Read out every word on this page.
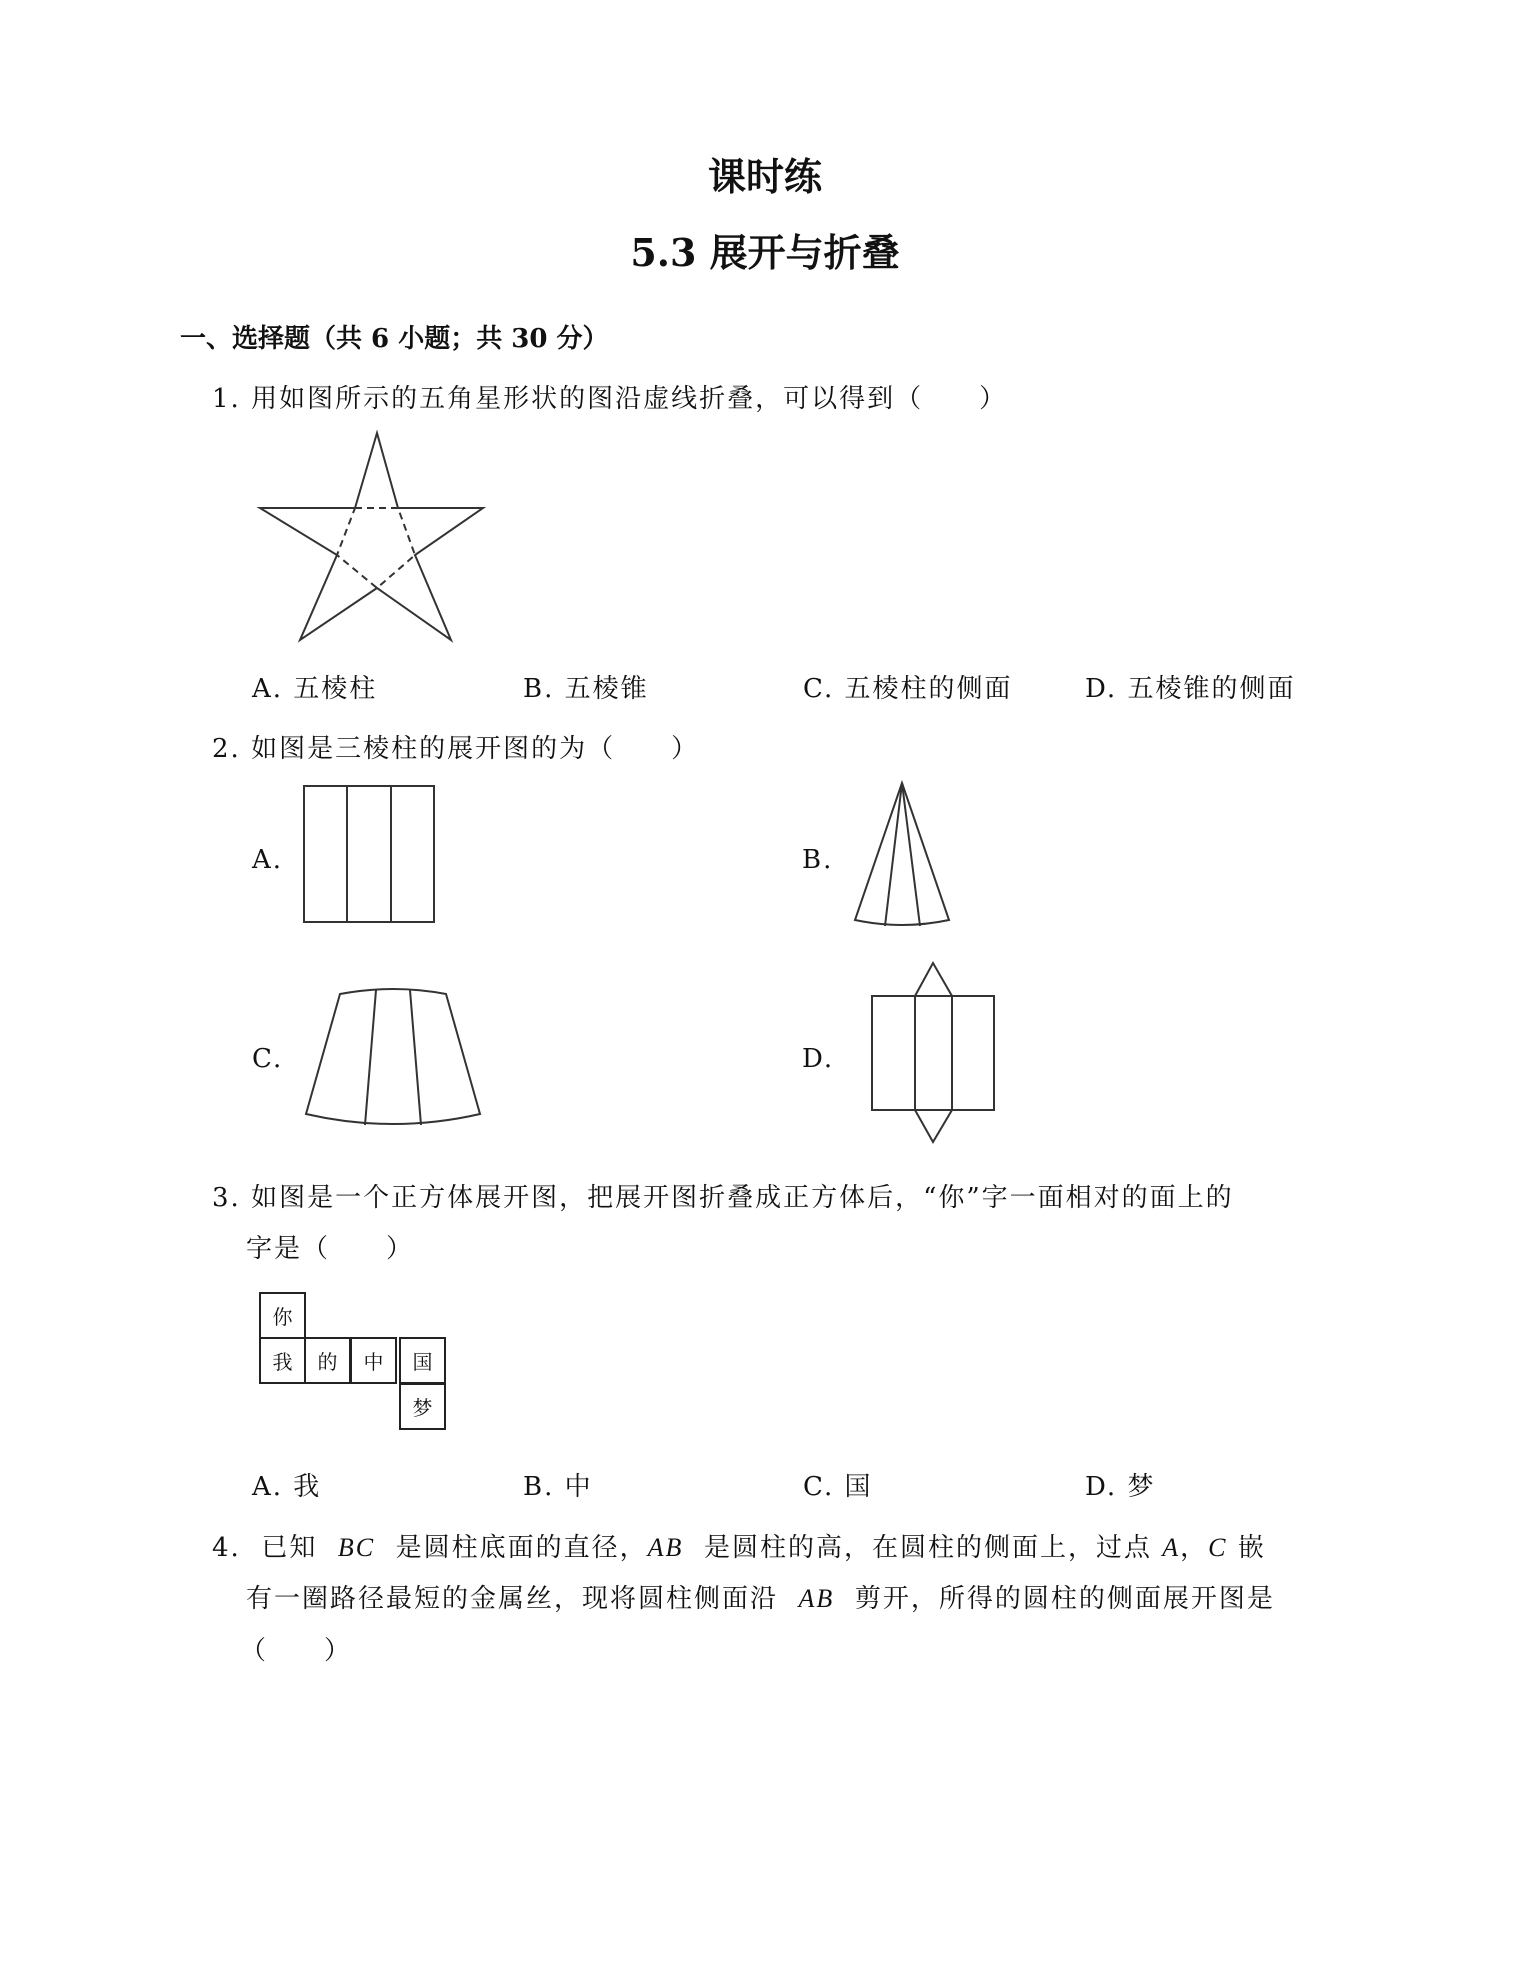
课时练
5.3 展开与折叠
一、选择题（共 6 小题；共 30 分）
1. 用如图所示的五角星形状的图沿虚线折叠，可以得到（　　）
A. 五棱柱	B. 五棱锥	C. 五棱柱的侧面	D. 五棱锥的侧面
2. 如图是三棱柱的展开图的为（　　）
A.	B.
C.	D.
3. 如图是一个正方体展开图，把展开图折叠成正方体后，“你”字一面相对的面上的
字是（　　）
你
我	的	中	国
梦
A. 我	B. 中	C. 国	D. 梦
4. 已知 BC 是圆柱底面的直径，AB 是圆柱的高，在圆柱的侧面上，过点 A，C 嵌
有一圈路径最短的金属丝，现将圆柱侧面沿 AB 剪开，所得的圆柱的侧面展开图是
（　　）
